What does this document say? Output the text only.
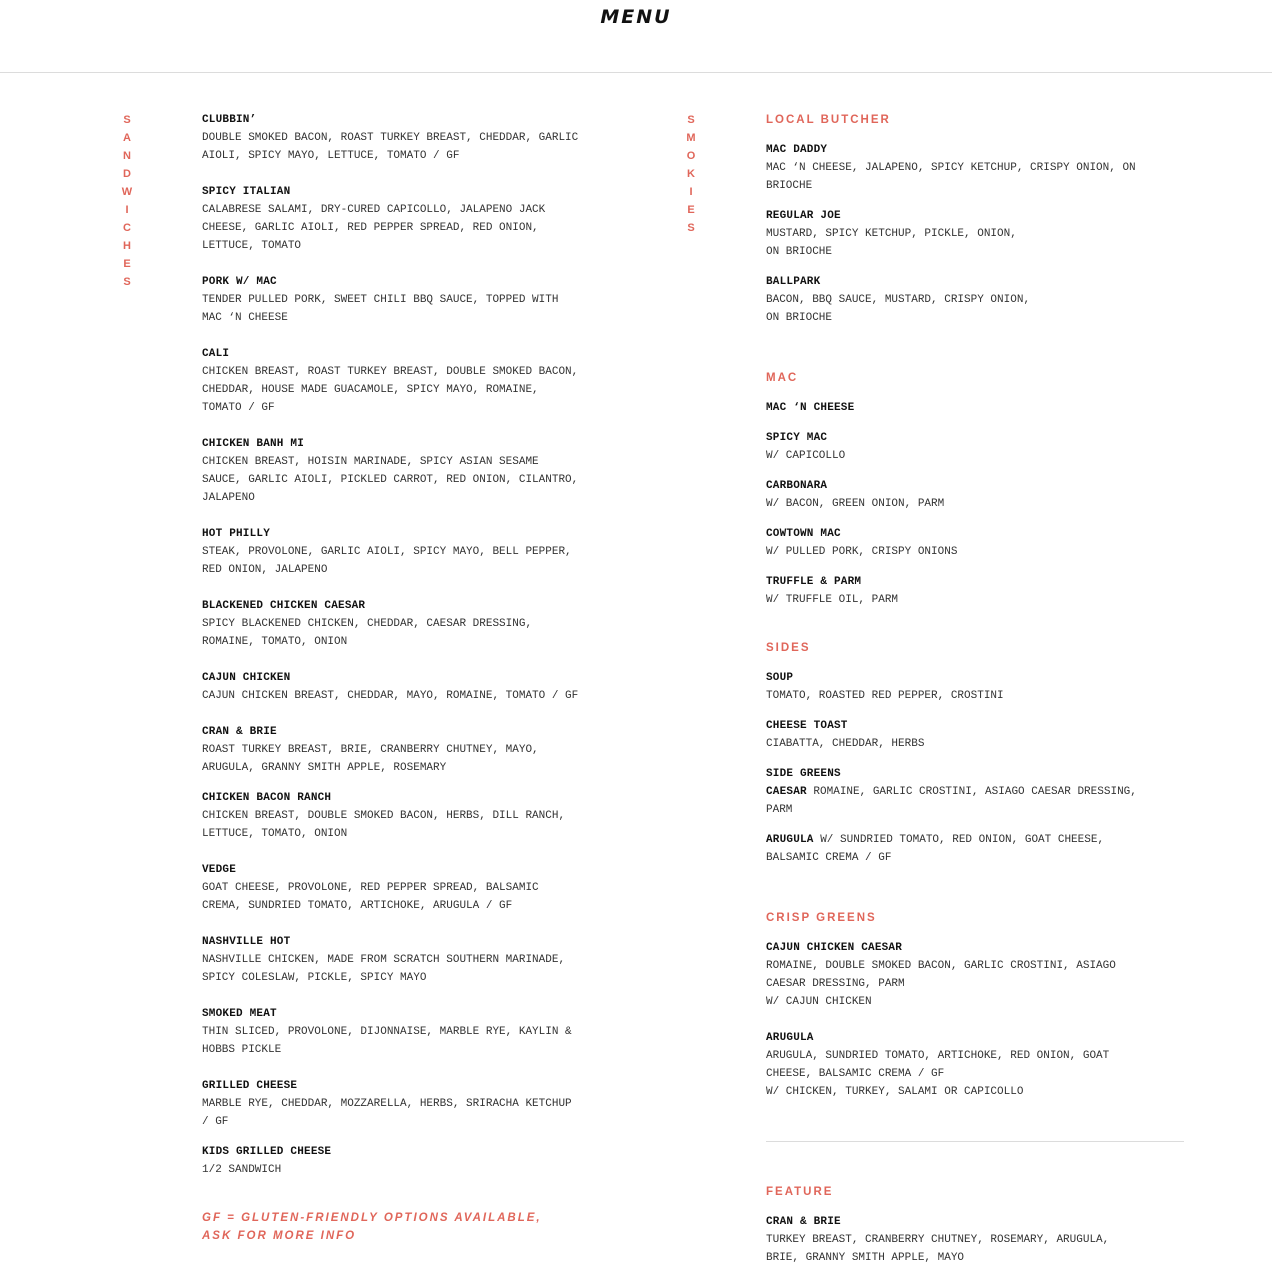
MENU
S
A
N
D
W
I
C
H
E
S
S
M
O
K
I
E
S
CLUBBIN’
DOUBLE SMOKED BACON, ROAST TURKEY BREAST, CHEDDAR, GARLIC
AIOLI, SPICY MAYO, LETTUCE, TOMATO / GF
SPICY ITALIAN
CALABRESE SALAMI, DRY-CURED CAPICOLLO, JALAPENO JACK
CHEESE, GARLIC AIOLI, RED PEPPER SPREAD, RED ONION,
LETTUCE, TOMATO
PORK W/ MAC
TENDER PULLED PORK, SWEET CHILI BBQ SAUCE, TOPPED WITH
MAC ‘N CHEESE
CALI
CHICKEN BREAST, ROAST TURKEY BREAST, DOUBLE SMOKED BACON,
CHEDDAR, HOUSE MADE GUACAMOLE, SPICY MAYO, ROMAINE,
TOMATO / GF
CHICKEN BANH MI
CHICKEN BREAST, HOISIN MARINADE, SPICY ASIAN SESAME
SAUCE, GARLIC AIOLI, PICKLED CARROT, RED ONION, CILANTRO,
JALAPENO
HOT PHILLY
STEAK, PROVOLONE, GARLIC AIOLI, SPICY MAYO, BELL PEPPER,
RED ONION, JALAPENO
BLACKENED CHICKEN CAESAR
SPICY BLACKENED CHICKEN, CHEDDAR, CAESAR DRESSING,
ROMAINE, TOMATO, ONION
CAJUN CHICKEN
CAJUN CHICKEN BREAST, CHEDDAR, MAYO, ROMAINE, TOMATO / GF
CRAN & BRIE
ROAST TURKEY BREAST, BRIE, CRANBERRY CHUTNEY, MAYO,
ARUGULA, GRANNY SMITH APPLE, ROSEMARY
CHICKEN BACON RANCH
CHICKEN BREAST, DOUBLE SMOKED BACON, HERBS, DILL RANCH,
LETTUCE, TOMATO, ONION
VEDGE
GOAT CHEESE, PROVOLONE, RED PEPPER SPREAD, BALSAMIC
CREMA, SUNDRIED TOMATO, ARTICHOKE, ARUGULA / GF
NASHVILLE HOT
NASHVILLE CHICKEN, MADE FROM SCRATCH SOUTHERN MARINADE,
SPICY COLESLAW, PICKLE, SPICY MAYO
SMOKED MEAT
THIN SLICED, PROVOLONE, DIJONNAISE, MARBLE RYE, KAYLIN &
HOBBS PICKLE
GRILLED CHEESE
MARBLE RYE, CHEDDAR, MOZZARELLA, HERBS, SRIRACHA KETCHUP
/ GF
KIDS GRILLED CHEESE
1/2 SANDWICH
GF = GLUTEN-FRIENDLY OPTIONS AVAILABLE,
ASK FOR MORE INFO
LOCAL BUTCHER
MAC DADDY
MAC ‘N CHEESE, JALAPENO, SPICY KETCHUP, CRISPY ONION, ON
BRIOCHE
REGULAR JOE
MUSTARD, SPICY KETCHUP, PICKLE, ONION,
ON BRIOCHE
BALLPARK
BACON, BBQ SAUCE, MUSTARD, CRISPY ONION,
ON BRIOCHE
MAC
MAC ‘N CHEESE
SPICY MAC
W/ CAPICOLLO
CARBONARA
W/ BACON, GREEN ONION, PARM
COWTOWN MAC
W/ PULLED PORK, CRISPY ONIONS
TRUFFLE & PARM
W/ TRUFFLE OIL, PARM
SIDES
SOUP
TOMATO, ROASTED RED PEPPER, CROSTINI
CHEESE TOAST
CIABATTA, CHEDDAR, HERBS
SIDE GREENS
CAESAR ROMAINE, GARLIC CROSTINI, ASIAGO CAESAR DRESSING,
PARM
ARUGULA W/ SUNDRIED TOMATO, RED ONION, GOAT CHEESE,
BALSAMIC CREMA / GF
CRISP GREENS
CAJUN CHICKEN CAESAR
ROMAINE, DOUBLE SMOKED BACON, GARLIC CROSTINI, ASIAGO
CAESAR DRESSING, PARM
W/ CAJUN CHICKEN
ARUGULA
ARUGULA, SUNDRIED TOMATO, ARTICHOKE, RED ONION, GOAT
CHEESE, BALSAMIC CREMA / GF
W/ CHICKEN, TURKEY, SALAMI OR CAPICOLLO
FEATURE
CRAN & BRIE
TURKEY BREAST, CRANBERRY CHUTNEY, ROSEMARY, ARUGULA,
BRIE, GRANNY SMITH APPLE, MAYO
